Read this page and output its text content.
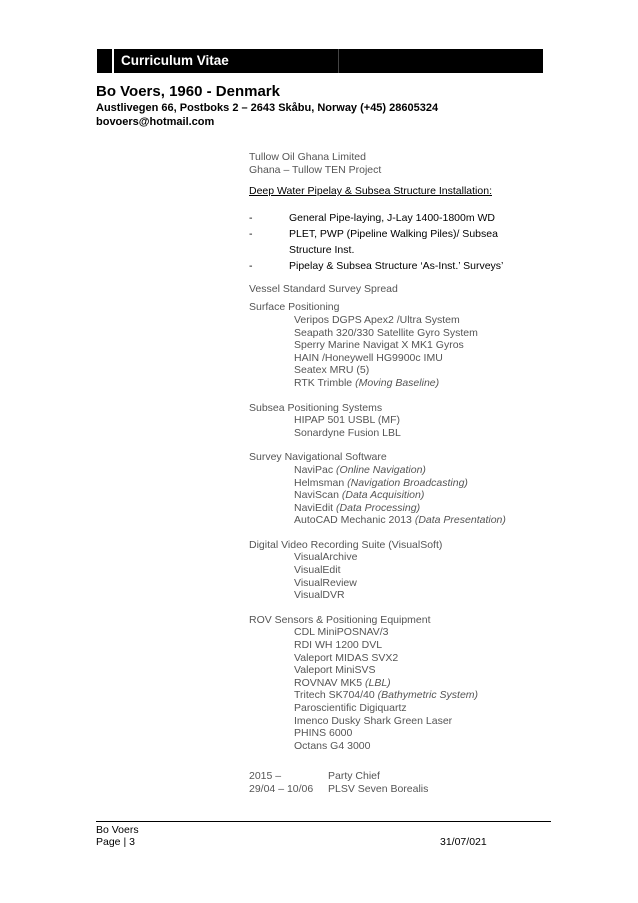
Curriculum Vitae
Bo Voers, 1960 - Denmark
Austlivegen 66, Postboks 2 – 2643 Skåbu, Norway (+45) 28605324
bovoers@hotmail.com
Tullow Oil Ghana Limited
Ghana – Tullow TEN Project
Deep Water Pipelay & Subsea Structure Installation:
-	General Pipe-laying, J-Lay 1400-1800m WD
-	PLET, PWP (Pipeline Walking Piles)/ Subsea
Structure Inst.
-	Pipelay & Subsea Structure ‘As-Inst.’ Surveys’
Vessel Standard Survey Spread
Surface Positioning
Veripos DGPS Apex2 /Ultra System
Seapath 320/330 Satellite Gyro System
Sperry Marine Navigat X MK1 Gyros
HAIN /Honeywell HG9900c IMU
Seatex MRU (5)
RTK Trimble (Moving Baseline)
Subsea Positioning Systems
HIPAP 501 USBL (MF)
Sonardyne Fusion LBL
Survey Navigational Software
NaviPac (Online Navigation)
Helmsman (Navigation Broadcasting)
NaviScan (Data Acquisition)
NaviEdit (Data Processing)
AutoCAD Mechanic 2013 (Data Presentation)
Digital Video Recording Suite (VisualSoft)
VisualArchive
VisualEdit
VisualReview
VisualDVR
ROV Sensors & Positioning Equipment
CDL MiniPOSNAV/3
RDI WH 1200 DVL
Valeport MIDAS SVX2
Valeport MiniSVS
ROVNAV MK5 (LBL)
Tritech SK704/40 (Bathymetric System)
Paroscientific Digiquartz
Imenco Dusky Shark Green Laser
PHINS 6000
Octans G4 3000
2015 –	Party Chief
29/04 – 10/06	PLSV Seven Borealis
Bo Voers
Page | 3	31/07/021
